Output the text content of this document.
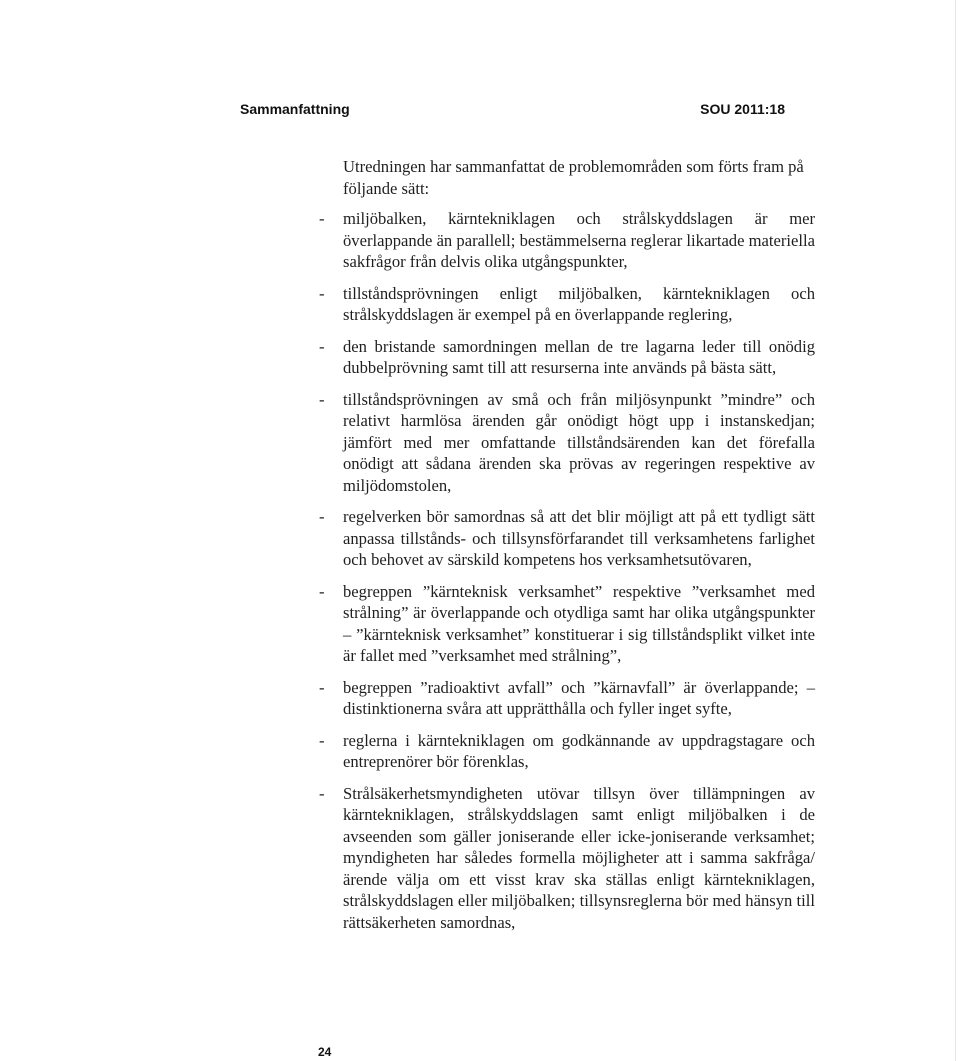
Sammanfattning	SOU 2011:18

Utredningen har sammanfattat de problemområden som förts fram på följande sätt:

- miljöbalken, kärntekniklagen och strålskyddslagen är mer överlappande än parallell; bestämmelserna reglerar likartade materiella sakfrågor från delvis olika utgångspunkter,
- tillståndsprövningen enligt miljöbalken, kärntekniklagen och strålskyddslagen är exempel på en överlappande reglering,
- den bristande samordningen mellan de tre lagarna leder till onödig dubbelprövning samt till att resurserna inte används på bästa sätt,
- tillståndsprövningen av små och från miljösynpunkt ”mindre” och relativt harmlösa ärenden går onödigt högt upp i instanskedjan; jämfört med mer omfattande tillståndsärenden kan det förefalla onödigt att sådana ärenden ska prövas av regeringen respektive av miljödomstolen,
- regelverken bör samordnas så att det blir möjligt att på ett tydligt sätt anpassa tillstånds- och tillsynsförfarandet till verksamhetens farlighet och behovet av särskild kompetens hos verksamhetsutövaren,
- begreppen ”kärnteknisk verksamhet” respektive ”verksamhet med strålning” är överlappande och otydliga samt har olika utgångspunkter – ”kärnteknisk verksamhet” konstituerar i sig tillståndsplikt vilket inte är fallet med ”verksamhet med strålning”,
- begreppen ”radioaktivt avfall” och ”kärnavfall” är överlappande; – distinktionerna svåra att upprätthålla och fyller inget syfte,
- reglerna i kärntekniklagen om godkännande av uppdragstagare och entreprenörer bör förenklas,
- Strålsäkerhetsmyndigheten utövar tillsyn över tillämpningen av kärntekniklagen, strålskyddslagen samt enligt miljöbalken i de avseenden som gäller joniserande eller icke-joniserande verksamhet; myndigheten har således formella möjligheter att i samma sakfråga/ärende välja om ett visst krav ska ställas enligt kärntekniklagen, strålskyddslagen eller miljöbalken; tillsynsreglerna bör med hänsyn till rättsäkerheten samordnas,
24
